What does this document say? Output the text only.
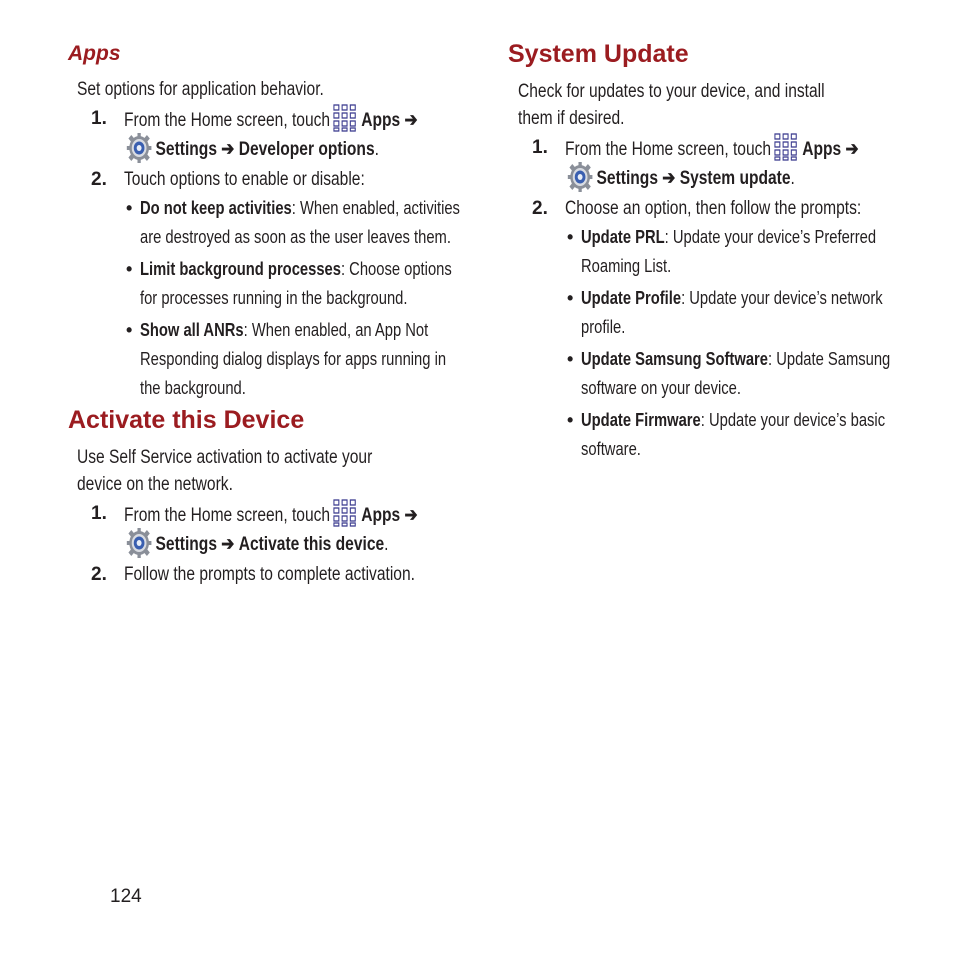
Apps
Set options for application behavior.
1. From the Home screen, touch Apps ➔
Settings ➔ Developer options.
2. Touch options to enable or disable:
• Do not keep activities: When enabled, activities
are destroyed as soon as the user leaves them.
• Limit background processes: Choose options
for processes running in the background.
• Show all ANRs: When enabled, an App Not
Responding dialog displays for apps running in
the background.
Activate this Device
Use Self Service activation to activate your
device on the network.
1. From the Home screen, touch Apps ➔
Settings ➔ Activate this device.
2. Follow the prompts to complete activation.
System Update
Check for updates to your device, and install
them if desired.
1. From the Home screen, touch Apps ➔
Settings ➔ System update.
2. Choose an option, then follow the prompts:
• Update PRL: Update your device’s Preferred
Roaming List.
• Update Profile: Update your device’s network
profile.
• Update Samsung Software: Update Samsung
software on your device.
• Update Firmware: Update your device’s basic
software.
124
